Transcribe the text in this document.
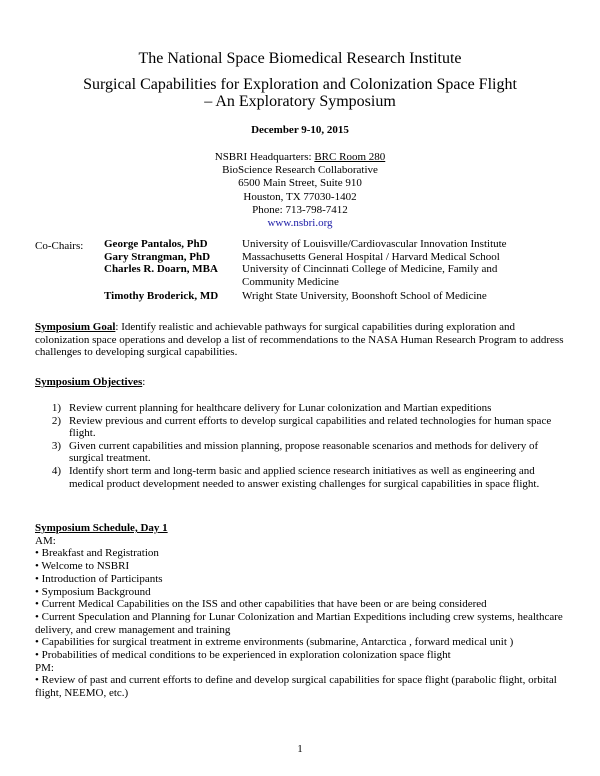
The National Space Biomedical Research Institute
Surgical Capabilities for Exploration and Colonization Space Flight
– An Exploratory Symposium
December 9-10, 2015
NSBRI Headquarters: BRC Room 280
BioScience Research Collaborative
6500 Main Street, Suite 910
Houston, TX 77030-1402
Phone: 713-798-7412
www.nsbri.org
Co-Chairs: George Pantalos, PhD	University of Louisville/Cardiovascular Innovation Institute
Gary Strangman, PhD	Massachusetts General Hospital / Harvard Medical School
Charles R. Doarn, MBA	University of Cincinnati College of Medicine, Family and Community Medicine
Timothy Broderick, MD	Wright State University, Boonshoft School of Medicine
Symposium Goal: Identify realistic and achievable pathways for surgical capabilities during exploration and colonization space operations and develop a list of recommendations to the NASA Human Research Program to address challenges to developing surgical capabilities.
Symposium Objectives:
1) Review current planning for healthcare delivery for Lunar colonization and Martian expeditions
2) Review previous and current efforts to develop surgical capabilities and related technologies for human space flight.
3) Given current capabilities and mission planning, propose reasonable scenarios and methods for delivery of surgical treatment.
4) Identify short term and long-term basic and applied science research initiatives as well as engineering and medical product development needed to answer existing challenges for surgical capabilities in space flight.
Symposium Schedule, Day 1
AM:
• Breakfast and Registration
• Welcome to NSBRI
• Introduction of Participants
• Symposium Background
• Current Medical Capabilities on the ISS and other capabilities that have been or are being considered
• Current Speculation and Planning for Lunar Colonization and Martian Expeditions including crew systems, healthcare delivery, and crew management and training
• Capabilities for surgical treatment in extreme environments (submarine, Antarctica , forward medical unit )
• Probabilities of medical conditions to be experienced in exploration colonization space flight
PM:
• Review of past and current efforts to define and develop surgical capabilities for space flight (parabolic flight, orbital flight, NEEMO, etc.)
1
